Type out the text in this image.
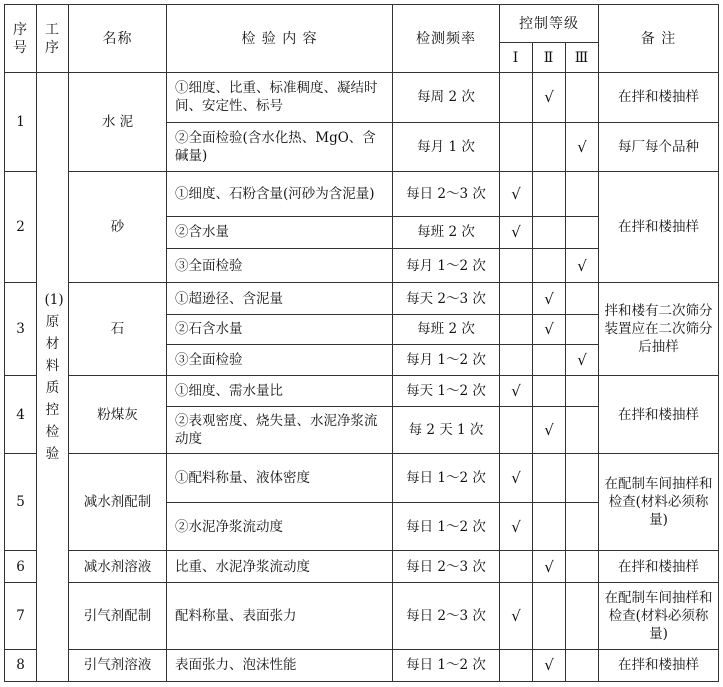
序号	工序	名称	检 验 内 容	检测频率	控制等级			备 注
					Ⅰ	Ⅱ	Ⅲ	
1	(1)原材料质控检验	水 泥	①细度、比重、标准稠度、凝结时间、安定性、标号	每周 2 次		√		在拌和楼抽样
			②全面检验(含水化热、MgO、含碱量)	每月 1 次			√	每厂每个品种
2		砂	①细度、石粉含量(河砂为含泥量)	每日 2～3 次	√			在拌和楼抽样
			②含水量	每班 2 次	√			
			③全面检验	每月 1～2 次			√	
3		石	①超逊径、含泥量	每天 2～3 次		√		拌和楼有二次筛分装置应在二次筛分后抽样
			②石含水量	每班 2 次		√		
			③全面检验	每月 1～2 次			√	
4		粉煤灰	①细度、需水量比	每天 1～2 次	√			在拌和楼抽样
			②表观密度、烧失量、水泥净浆流动度	每 2 天 1 次		√		
5		减水剂配制	①配料称量、液体密度	每日 1～2 次	√			在配制车间抽样和检查(材料必须称量)
			②水泥净浆流动度	每日 1～2 次	√			
6		减水剂溶液	比重、水泥净浆流动度	每日 2～3 次		√		在拌和楼抽样
7		引气剂配制	配料称量、表面张力	每日 2～3 次	√			在配制车间抽样和检查(材料必须称量)
8		引气剂溶液	表面张力、泡沫性能	每日 1～2 次		√		在拌和楼抽样
